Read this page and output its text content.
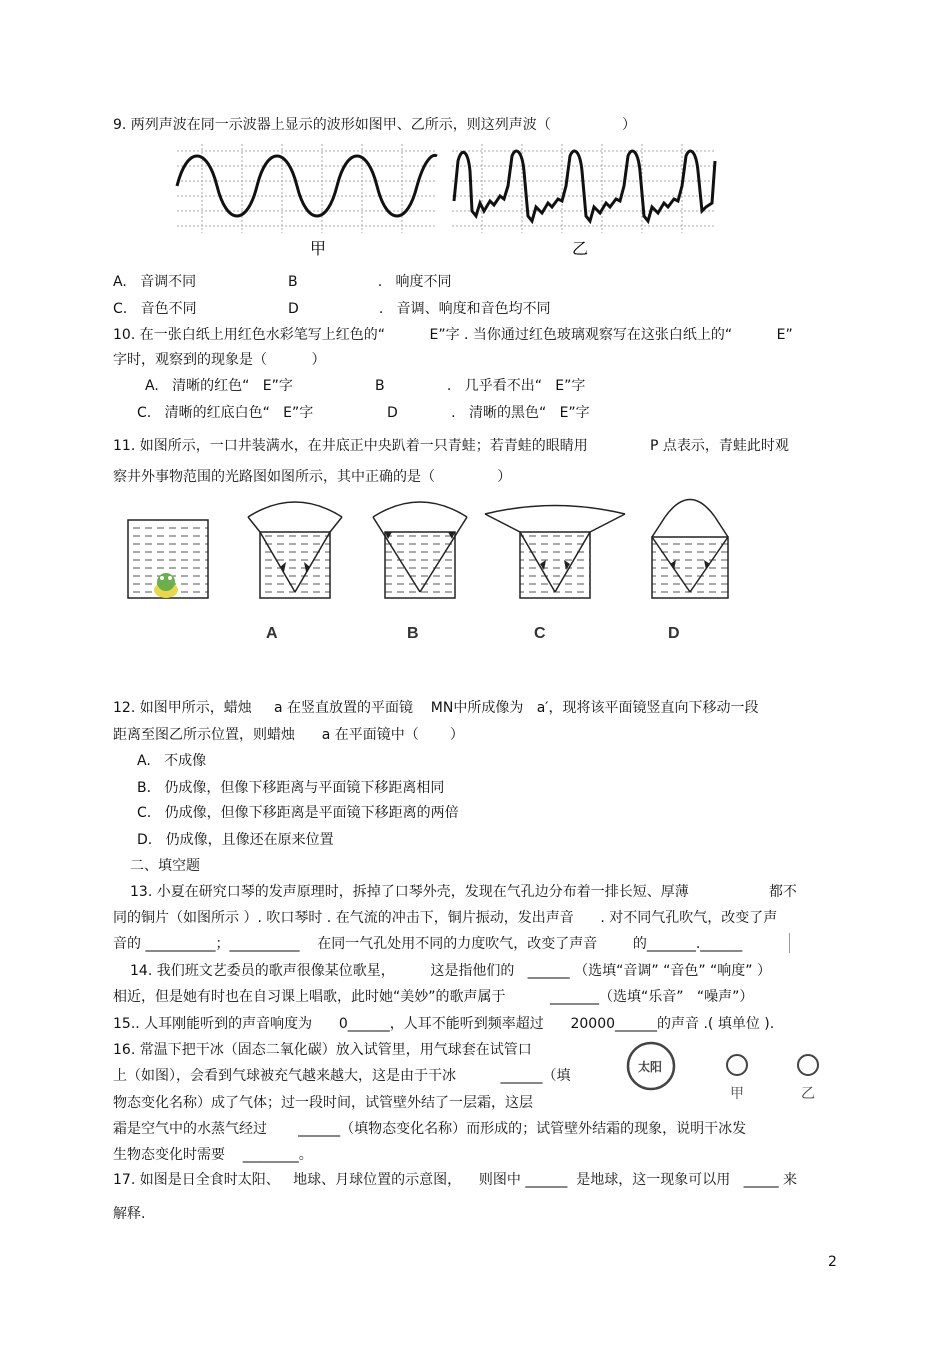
9. 两列声波在同一示波器上显示的波形如图甲、乙所示，则这列声波（                ）
甲	乙
A.   音调不同	B                  .   响度不同
C.   音色不同	D                  .   音调、响度和音色均不同
10. 在一张白纸上用红色水彩笔写上红色的“          E”字 . 当你通过红色玻璃观察写在这张白纸上的“          E”
字时，观察到的现象是（          ）
A.   清晰的红色“   E”字	B              .   几乎看不出“   E”字
C.   清晰的红底白色“   E”字	D            .   清晰的黑色“   E”字
11. 如图所示，一口井装满水，在井底正中央趴着一只青蛙；若青蛙的眼睛用              P 点表示，青蛙此时观
察井外事物范围的光路图如图所示，其中正确的是（              ）
A	B	C	D
12. 如图甲所示，蜡烛     a 在竖直放置的平面镜    MN中所成像为   a′，现将该平面镜竖直向下移动一段
距离至图乙所示位置，则蜡烛      a 在平面镜中（       ）
A.   不成像
B.   仍成像，但像下移距离与平面镜下移距离相同
C.   仍成像，但像下移距离是平面镜下移距离的两倍
D.   仍成像，且像还在原来位置
二、填空题
13. 小夏在研究口琴的发声原理时，拆掉了口琴外壳，发现在气孔边分布着一排长短、厚薄                  都不
同的铜片（如图所示 ）. 吹口琴时 . 在气流的冲击下，铜片振动，发出声音      . 对不同气孔吹气，改变了声
音的 __________；__________    在同一气孔处用不同的力度吹气，改变了声音        的_______.______
14. 我们班文艺委员的歌声很像某位歌星，        这是指他们的   ______ （选填“音调” “音色” “响度” ）
相近，但是她有时也在自习课上唱歌，此时她“美妙”的歌声属于          _______（选填“乐音”   “噪声”）
15.. 人耳刚能听到的声音响度为      0______，人耳不能听到频率超过      20000______的声音 .( 填单位 ).
16. 常温下把干冰（固态二氧化碳）放入试管里，用气球套在试管口
上（如图），会看到气球被充气越来越大，这是由于干冰          ______（填
物态变化名称）成了气体；过一段时间，试管壁外结了一层霜，这层
霜是空气中的水蒸气经过       ______（填物态变化名称）而形成的；试管壁外结霜的现象，说明干冰发
生物态变化时需要    ________。
太阳
甲	乙
17. 如图是日全食时太阳、   地球、月球位置的示意图，    则图中 ______  是地球，这一现象可以用   _____ 来
解释.
2
